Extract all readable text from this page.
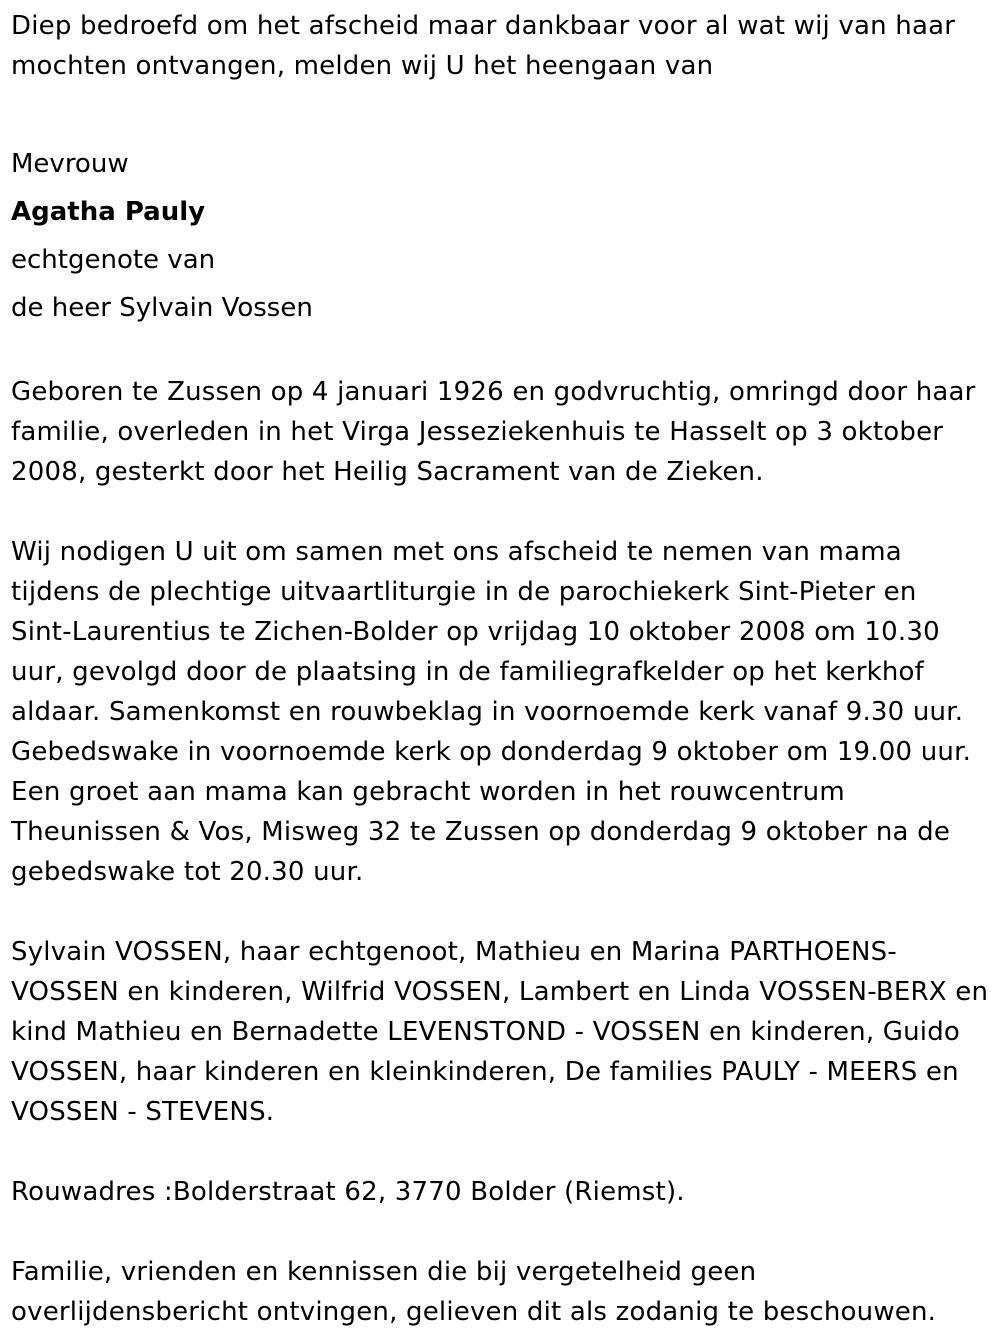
Diep bedroefd om het afscheid maar dankbaar voor al wat wij van haar
mochten ontvangen, melden wij U het heengaan van

Mevrouw
Agatha Pauly
echtgenote van
de heer Sylvain Vossen

Geboren te Zussen op 4 januari 1926 en godvruchtig, omringd door haar
familie, overleden in het Virga Jesseziekenhuis te Hasselt op 3 oktober
2008, gesterkt door het Heilig Sacrament van de Zieken.

Wij nodigen U uit om samen met ons afscheid te nemen van mama
tijdens de plechtige uitvaartliturgie in de parochiekerk Sint-Pieter en
Sint-Laurentius te Zichen-Bolder op vrijdag 10 oktober 2008 om 10.30
uur, gevolgd door de plaatsing in de familiegrafkelder op het kerkhof
aldaar. Samenkomst en rouwbeklag in voornoemde kerk vanaf 9.30 uur.
Gebedswake in voornoemde kerk op donderdag 9 oktober om 19.00 uur.
Een groet aan mama kan gebracht worden in het rouwcentrum
Theunissen & Vos, Misweg 32 te Zussen op donderdag 9 oktober na de
gebedswake tot 20.30 uur.

Sylvain VOSSEN, haar echtgenoot, Mathieu en Marina PARTHOENS-
VOSSEN en kinderen, Wilfrid VOSSEN, Lambert en Linda VOSSEN-BERX en
kind Mathieu en Bernadette LEVENSTOND - VOSSEN en kinderen, Guido
VOSSEN, haar kinderen en kleinkinderen, De families PAULY - MEERS en
VOSSEN - STEVENS.

Rouwadres :Bolderstraat 62, 3770 Bolder (Riemst).

Familie, vrienden en kennissen die bij vergetelheid geen
overlijdensbericht ontvingen, gelieven dit als zodanig te beschouwen.
